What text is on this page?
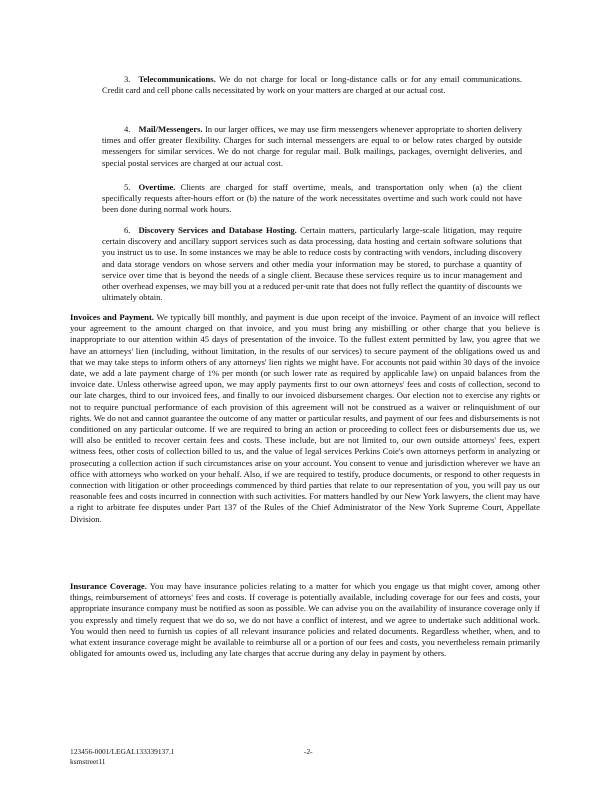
3. Telecommunications. We do not charge for local or long-distance calls or for any email communications. Credit card and cell phone calls necessitated by work on your matters are charged at our actual cost.

4. Mail/Messengers. In our larger offices, we may use firm messengers whenever appropriate to shorten delivery times and offer greater flexibility. Charges for such internal messengers are equal to or below rates charged by outside messengers for similar services. We do not charge for regular mail. Bulk mailings, packages, overnight deliveries, and special postal services are charged at our actual cost.

5. Overtime. Clients are charged for staff overtime, meals, and transportation only when (a) the client specifically requests after-hours effort or (b) the nature of the work necessitates overtime and such work could not have been done during normal work hours.

6. Discovery Services and Database Hosting. Certain matters, particularly large-scale litigation, may require certain discovery and ancillary support services such as data processing, data hosting and certain software solutions that you instruct us to use. In some instances we may be able to reduce costs by contracting with vendors, including discovery and data storage vendors on whose servers and other media your information may be stored, to purchase a quantity of service over time that is beyond the needs of a single client. Because these services require us to incur management and other overhead expenses, we may bill you at a reduced per-unit rate that does not fully reflect the quantity of discounts we ultimately obtain.

Invoices and Payment. We typically bill monthly, and payment is due upon receipt of the invoice. Payment of an invoice will reflect your agreement to the amount charged on that invoice, and you must bring any misbilling or other charge that you believe is inappropriate to our attention within 45 days of presentation of the invoice. To the fullest extent permitted by law, you agree that we have an attorneys' lien (including, without limitation, in the results of our services) to secure payment of the obligations owed us and that we may take steps to inform others of any attorneys' lien rights we might have. For accounts not paid within 30 days of the invoice date, we add a late payment charge of 1% per month (or such lower rate as required by applicable law) on unpaid balances from the invoice date. Unless otherwise agreed upon, we may apply payments first to our own attorneys' fees and costs of collection, second to our late charges, third to our invoiced fees, and finally to our invoiced disbursement charges. Our election not to exercise any rights or not to require punctual performance of each provision of this agreement will not be construed as a waiver or relinquishment of our rights. We do not and cannot guarantee the outcome of any matter or particular results, and payment of our fees and disbursements is not conditioned on any particular outcome. If we are required to bring an action or proceeding to collect fees or disbursements due us, we will also be entitled to recover certain fees and costs. These include, but are not limited to, our own outside attorneys' fees, expert witness fees, other costs of collection billed to us, and the value of legal services Perkins Coie's own attorneys perform in analyzing or prosecuting a collection action if such circumstances arise on your account. You consent to venue and jurisdiction wherever we have an office with attorneys who worked on your behalf. Also, if we are required to testify, produce documents, or respond to other requests in connection with litigation or other proceedings commenced by third parties that relate to our representation of you, you will pay us our reasonable fees and costs incurred in connection with such activities. For matters handled by our New York lawyers, the client may have a right to arbitrate fee disputes under Part 137 of the Rules of the Chief Administrator of the New York Supreme Court, Appellate Division.

Insurance Coverage. You may have insurance policies relating to a matter for which you engage us that might cover, among other things, reimbursement of attorneys' fees and costs. If coverage is potentially available, including coverage for our fees and costs, your appropriate insurance company must be notified as soon as possible. We can advise you on the availability of insurance coverage only if you expressly and timely request that we do so, we do not have a conflict of interest, and we agree to undertake such additional work. You would then need to furnish us copies of all relevant insurance policies and related documents. Regardless whether, when, and to what extent insurance coverage might be available to reimburse all or a portion of our fees and costs, you nevertheless remain primarily obligated for amounts owed us, including any late charges that accrue during any delay in payment by others.

123456-0001/LEGAL133339137.1
ksmstreet11
-2-
